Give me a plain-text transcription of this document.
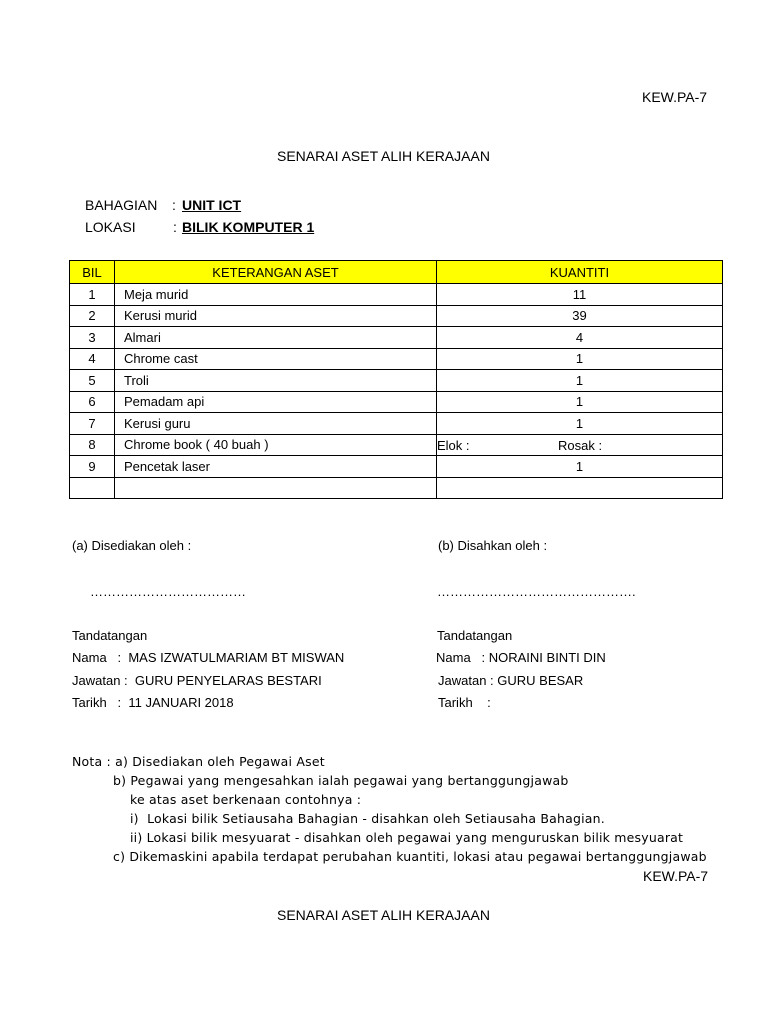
KEW.PA-7
SENARAI ASET ALIH KERAJAAN
BAHAGIAN : UNIT ICT
LOKASI	: BILIK KOMPUTER 1
BIL	KETERANGAN ASET	KUANTITI
1	Meja murid	11
2	Kerusi murid	39
3	Almari	4
4	Chrome cast	1
5	Troli	1
6	Pemadam api	1
7	Kerusi guru	1
8	Chrome book ( 40 buah )	Elok : Rosak :

9	Pencetak laser	1

(a) Disediakan oleh :
………………………………
Tandatangan
Nama   :  MAS IZWATULMARIAM BT MISWAN
Jawatan :  GURU PENYELARAS BESTARI
Tarikh   :  11 JANUARI 2018
(b) Disahkan oleh :
……………………………………….
Tandatangan
Nama   : NORAINI BINTI DIN
Jawatan : GURU BESAR
Tarikh    :
Nota : a) Disediakan oleh Pegawai Aset
b) Pegawai yang mengesahkan ialah pegawai yang bertanggungjawab
ke atas aset berkenaan contohnya :
i)  Lokasi bilik Setiausaha Bahagian - disahkan oleh Setiausaha Bahagian.
ii) Lokasi bilik mesyuarat - disahkan oleh pegawai yang menguruskan bilik mesyuarat
c) Dikemaskini apabila terdapat perubahan kuantiti, lokasi atau pegawai bertanggungjawab
KEW.PA-7
SENARAI ASET ALIH KERAJAAN
